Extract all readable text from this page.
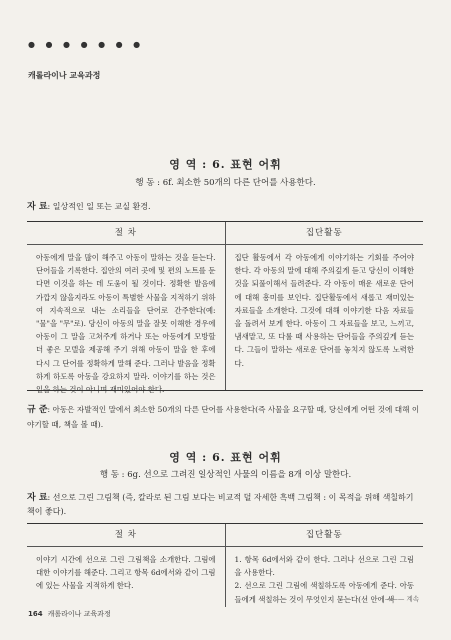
● ● ● ● ● ● ●
캐롤라이나 교육과정
영 역 : 6. 표현 어휘
행 동 : 6f. 최소한 50개의 다른 단어를 사용한다.
자 료: 일상적인 일 또는 교실 환경.
절 차	집단활동
아동에게 말을 많이 해주고 아동이 말하는 것을 듣는다. 단어들을 기록한다. 집안의 여러 곳에 및 편의 노트를 둔다면 이것을 하는 데 도움이 될 것이다. 정확한 발음에 가깝지 않을지라도 아동이 특별한 사물을 지적하기 위하여 지속적으로 내는 소리들을 단어로 간주한다(예: "물"을 "무"로). 당신이 아동의 말을 잘못 이해한 경우에 아동이 그 말을 고쳐주게 하거나 또는 아동에게 모방할 더 좋은 모델을 제공해 주기 위해 아동이 말을 한 후에 다시 그 단어를 정확하게 말해 준다. 그러나 발음을 정확하게 하도록 아동을 강요하지 말라. 이야기를 하는 것은 일을 하는 것이 아니며 재미있어야 한다.
집단 활동에서 각 아동에게 이야기하는 기회를 주어야 한다. 각 아동의 말에 대해 주의깊게 듣고 당신이 이해한 것을 되풀이해서 들려준다. 각 아동이 매운 새로운 단어에 대해 흥미를 보인다. 집단활동에서 새롭고 재미있는 자료들을 소개한다. 그것에 대해 이야기한 다음 자료들을 돌려서 보게 한다. 아동이 그 자료들을 보고, 느끼고, 냄새맡고, 또 다룰 때 사용하는 단어들을 주의깊게 듣는다. 그들이 말하는 새로운 단어를 놓치지 않도록 노력한다.
규 준: 아동은 자발적인 말에서 최소한 50개의 다른 단어를 사용한다(즉 사물을 요구할 때, 당신에게 어떤 것에 대해 이야기할 때, 책을 볼 때).
영 역 : 6. 표현 어휘
행 동 : 6g. 선으로 그려진 일상적인 사물의 이름을 8개 이상 말한다.
자 료: 선으로 그린 그림책 (즉, 칼라로 된 그림 보다는 비교적 덜 자세한 흑백 그림책 : 이 목적을 위해 색칠하기 책이 좋다).
절 차	집단활동
이야기 시간에 선으로 그린 그림책을 소개한다. 그림에 대한 이야기를 해준다. 그리고 항목 6d에서와 같이 그림에 있는 사물을 지적하게 한다.
1. 항목 6d에서와 같이 한다. 그러나 선으로 그린 그림을 사용한다.
2. 선으로 그린 그림에 색칠하도록 아동에게 준다. 아동들에게 색칠하는 것이 무엇인지 묻는다(선 안에 색
——— 계속
164 캐롤라이나 교육과정
